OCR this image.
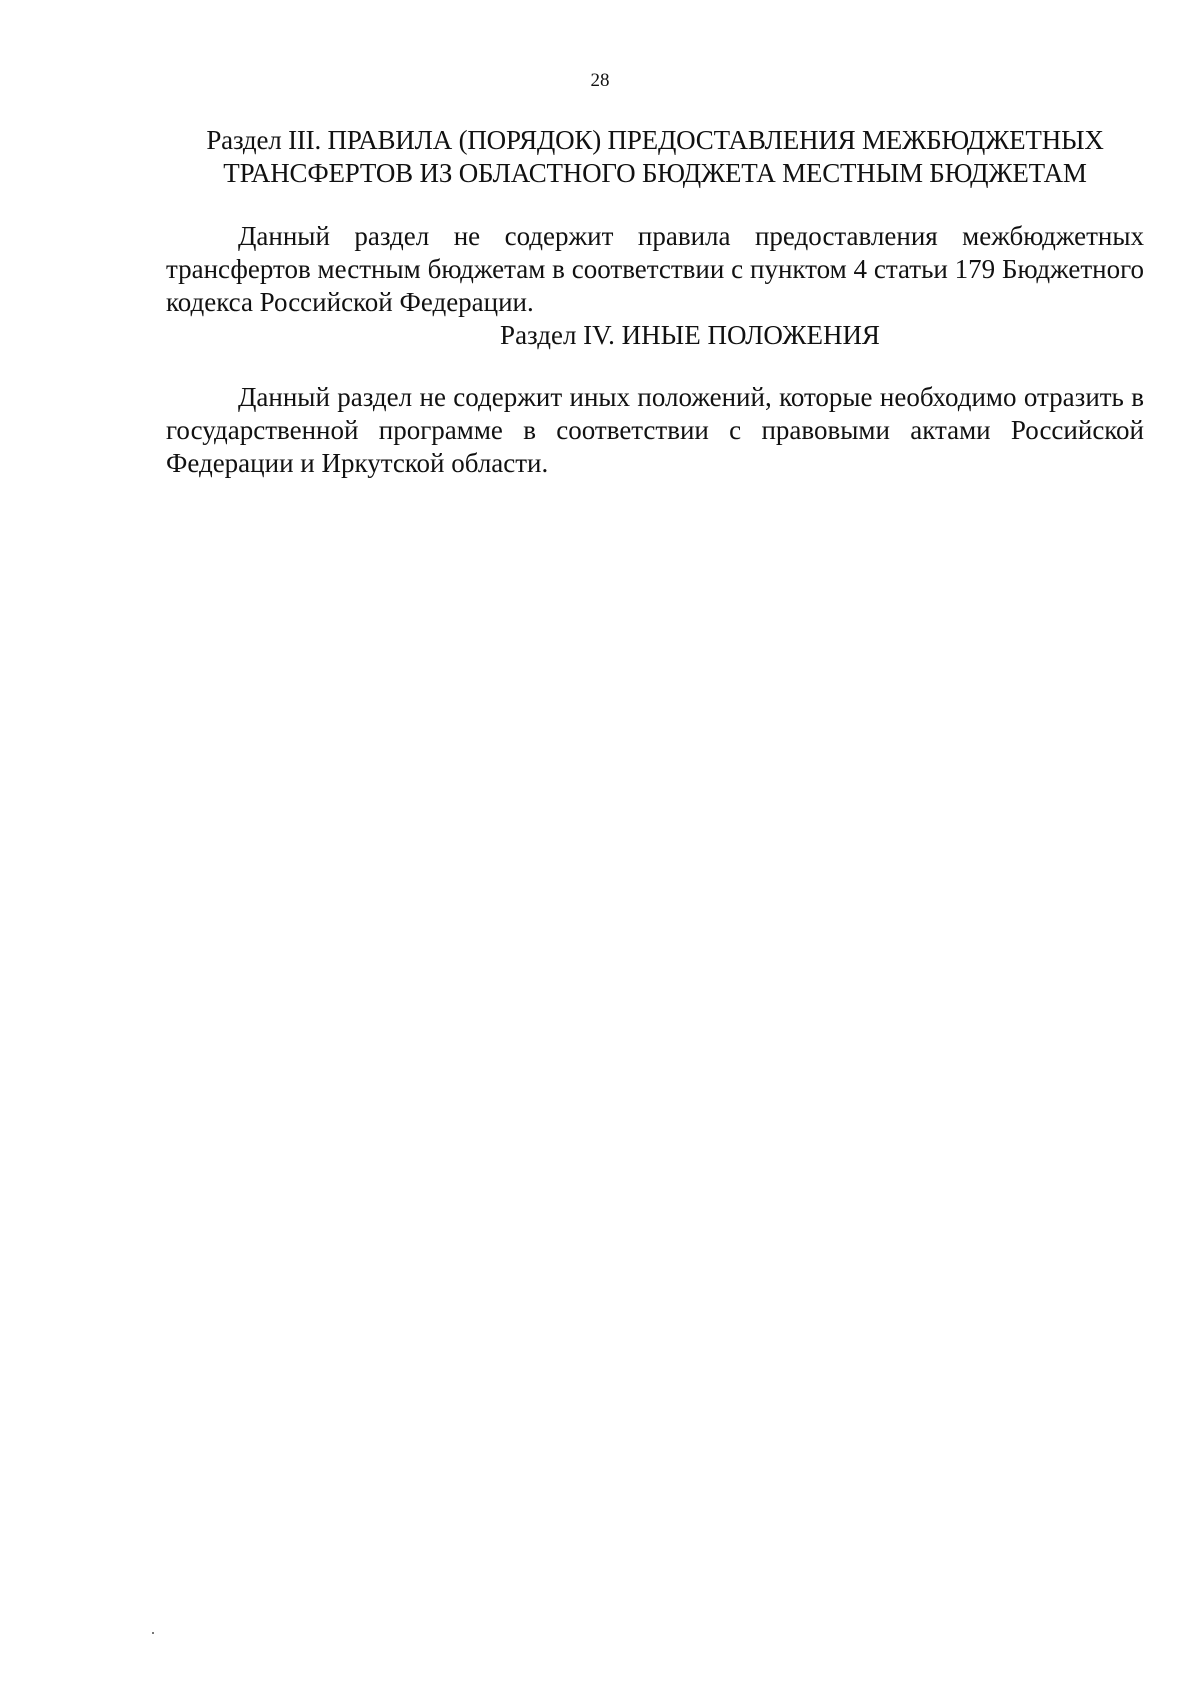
28
Раздел III. ПРАВИЛА (ПОРЯДОК) ПРЕДОСТАВЛЕНИЯ МЕЖБЮДЖЕТНЫХ
ТРАНСФЕРТОВ ИЗ ОБЛАСТНОГО БЮДЖЕТА МЕСТНЫМ БЮДЖЕТАМ

Данный раздел не содержит правила предоставления межбюджетных трансфертов местным бюджетам в соответствии с пунктом 4 статьи 179 Бюджетного кодекса Российской Федерации.

Раздел IV. ИНЫЕ ПОЛОЖЕНИЯ

Данный раздел не содержит иных положений, которые необходимо отразить в государственной программе в соответствии с правовыми актами Российской Федерации и Иркутской области.
